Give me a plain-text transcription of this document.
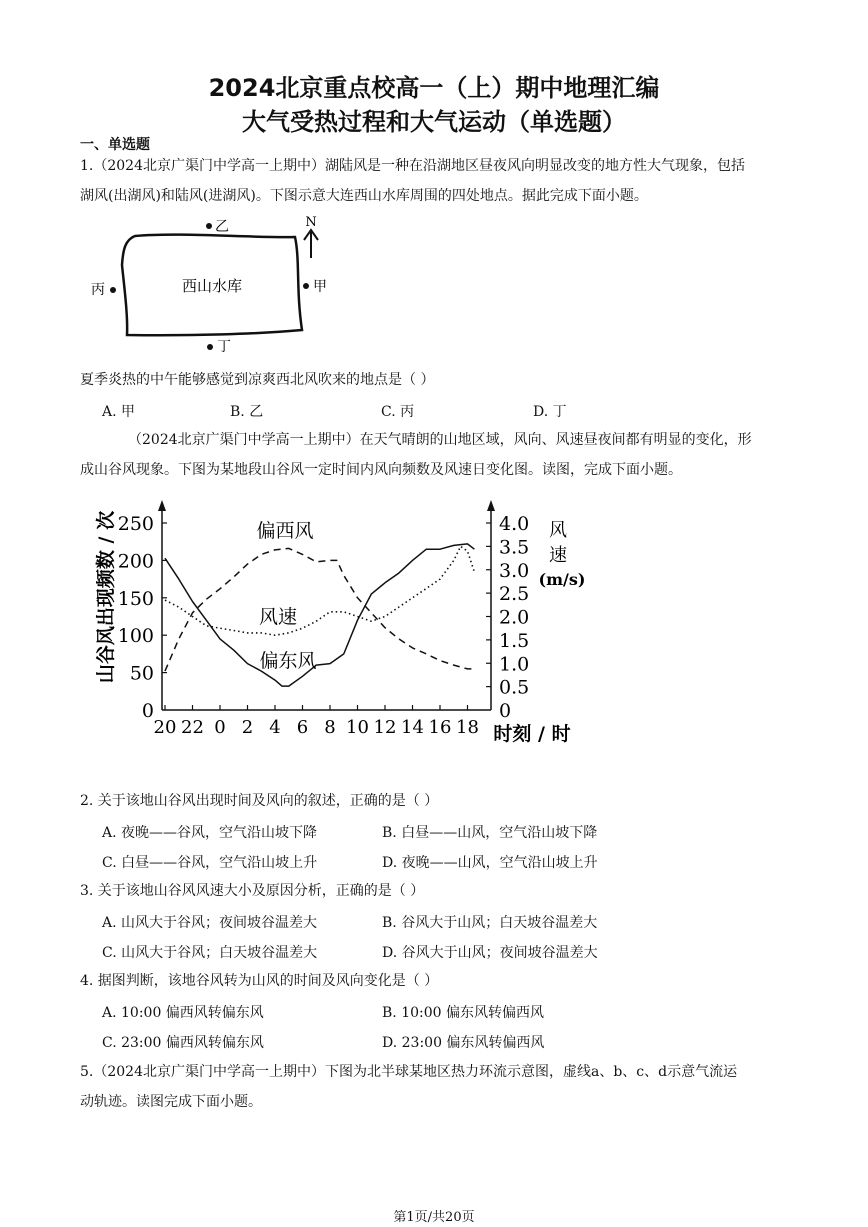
2024北京重点校高一（上）期中地理汇编
大气受热过程和大气运动（单选题）
一、单选题
1.（2024北京广渠门中学高一上期中）湖陆风是一种在沿湖地区昼夜风向明显改变的地方性大气现象，包括
湖风(出湖风)和陆风(进湖风)。下图示意大连西山水库周围的四处地点。据此完成下面小题。
西山水库
乙
甲
丙
丁
N
夏季炎热的中午能够感觉到凉爽西北风吹来的地点是（ ）
A. 甲	B. 乙	C. 丙	D. 丁
（2024北京广渠门中学高一上期中）在天气晴朗的山地区域，风向、风速昼夜间都有明显的变化，形
成山谷风现象。下图为某地段山谷风一定时间内风向频数及风速日变化图。读图，完成下面小题。
0
50
100
150
200
250
0
0.5
1.0
1.5
2.0
2.5
3.0
3.5
4.0
20 22 0 2 4 6 8 10 12 14 16 18
偏西风
偏东风
风速
山谷风出现频数 / 次	风
速
(m/s)
时刻 / 时
2. 关于该地山谷风出现时间及风向的叙述，正确的是（ ）
A. 夜晚——谷风，空气沿山坡下降	B. 白昼——山风，空气沿山坡下降
C. 白昼——谷风，空气沿山坡上升	D. 夜晚——山风，空气沿山坡上升
3. 关于该地山谷风风速大小及原因分析，正确的是（ ）
A. 山风大于谷风；夜间坡谷温差大	B. 谷风大于山风；白天坡谷温差大
C. 山风大于谷风；白天坡谷温差大	D. 谷风大于山风；夜间坡谷温差大
4. 据图判断，该地谷风转为山风的时间及风向变化是（ ）
A. 10:00 偏西风转偏东风	B. 10:00 偏东风转偏西风
C. 23:00 偏西风转偏东风	D. 23:00 偏东风转偏西风
5.（2024北京广渠门中学高一上期中）下图为北半球某地区热力环流示意图，虚线a、b、c、d示意气流运
动轨迹。读图完成下面小题。
第1页/共20页
